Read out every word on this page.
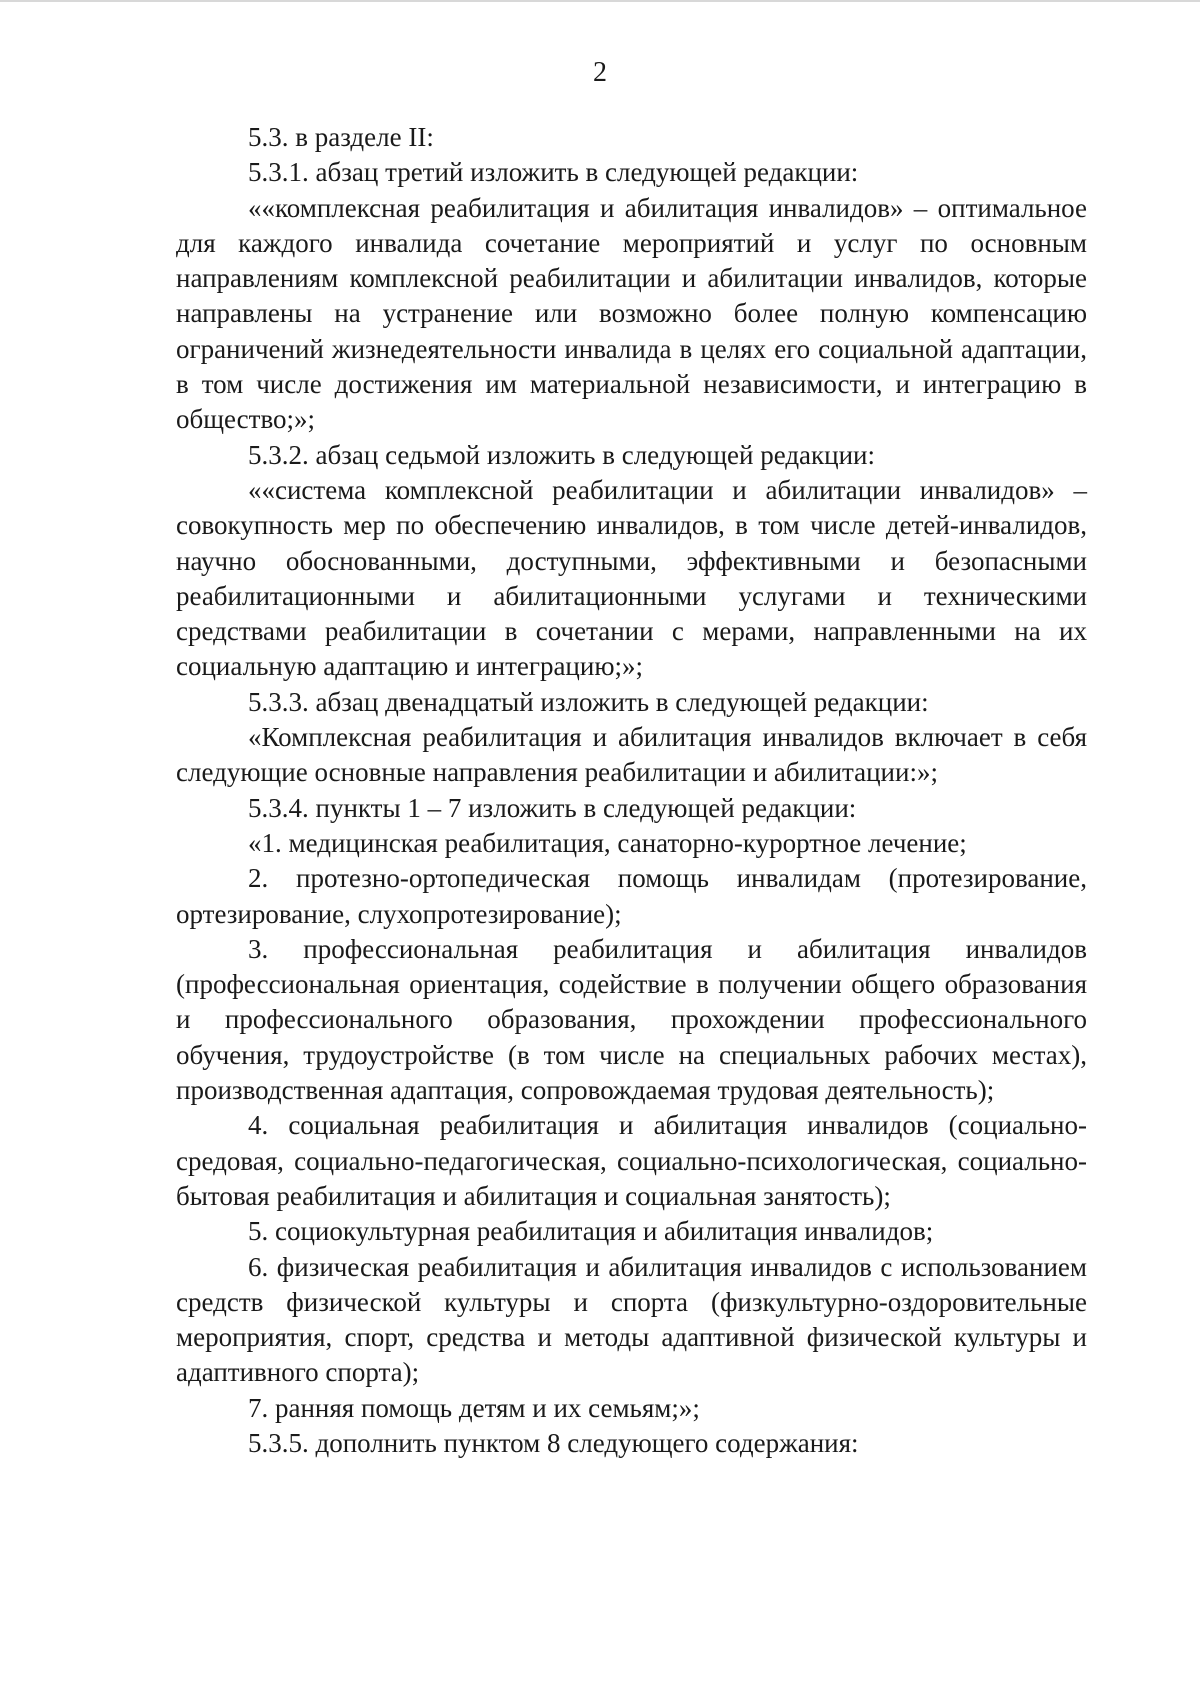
2

5.3. в разделе II:

5.3.1. абзац третий изложить в следующей редакции:

««комплексная реабилитация и абилитация инвалидов» – оптимальное для каждого инвалида сочетание мероприятий и услуг по основным направлениям комплексной реабилитации и абилитации инвалидов, которые направлены на устранение или возможно более полную компенсацию ограничений жизнедеятельности инвалида в целях его социальной адаптации, в том числе достижения им материальной независимости, и интеграцию в общество;»;

5.3.2. абзац седьмой изложить в следующей редакции:

««система комплексной реабилитации и абилитации инвалидов» – совокупность мер по обеспечению инвалидов, в том числе детей-инвалидов, научно обоснованными, доступными, эффективными и безопасными реабилитационными и абилитационными услугами и техническими средствами реабилитации в сочетании с мерами, направленными на их социальную адаптацию и интеграцию;»;

5.3.3. абзац двенадцатый изложить в следующей редакции:

«Комплексная реабилитация и абилитация инвалидов включает в себя следующие основные направления реабилитации и абилитации:»;

5.3.4. пункты 1 – 7 изложить в следующей редакции:

«1. медицинская реабилитация, санаторно-курортное лечение;

2. протезно-ортопедическая помощь инвалидам (протезирование, ортезирование, слухопротезирование);

3. профессиональная реабилитация и абилитация инвалидов (профессиональная ориентация, содействие в получении общего образования и профессионального образования, прохождении профессионального обучения, трудоустройстве (в том числе на специальных рабочих местах), производственная адаптация, сопровождаемая трудовая деятельность);

4. социальная реабилитация и абилитация инвалидов (социально-средовая, социально-педагогическая, социально-психологическая, социально-бытовая реабилитация и абилитация и социальная занятость);

5. социокультурная реабилитация и абилитация инвалидов;

6. физическая реабилитация и абилитация инвалидов с использованием средств физической культуры и спорта (физкультурно-оздоровительные мероприятия, спорт, средства и методы адаптивной физической культуры и адаптивного спорта);

7. ранняя помощь детям и их семьям;»;

5.3.5. дополнить пунктом 8 следующего содержания:
